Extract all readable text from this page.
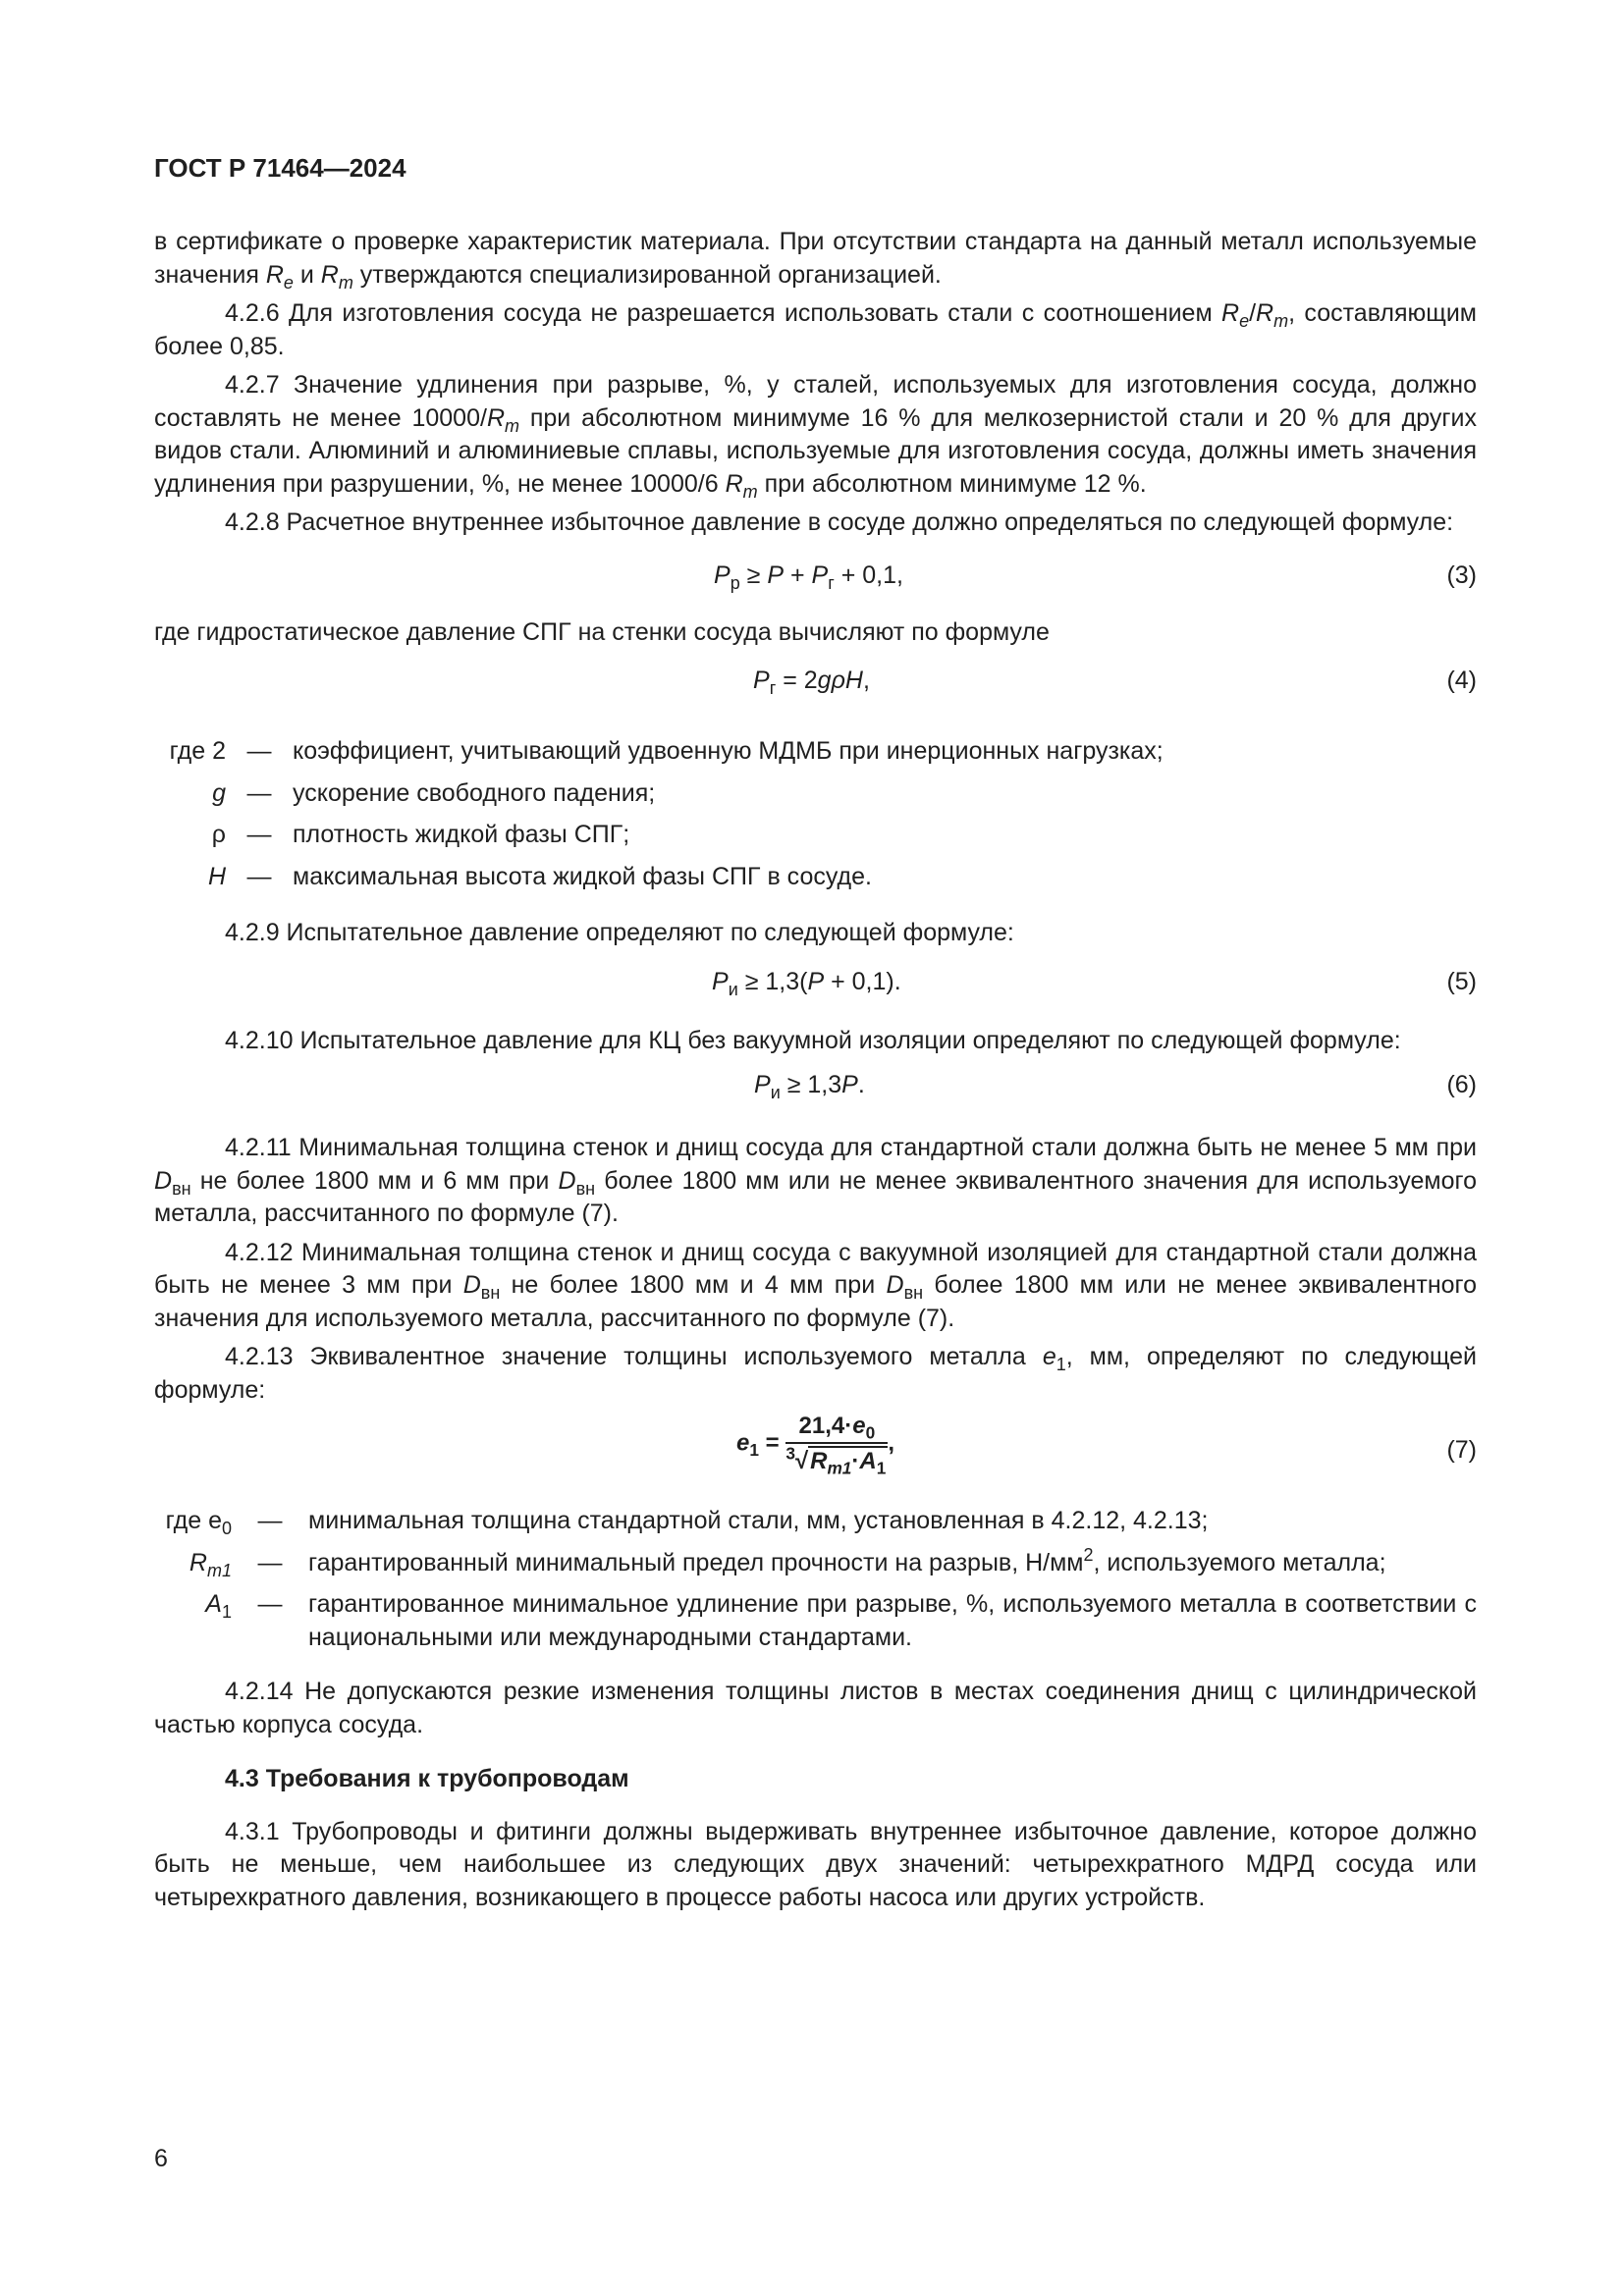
ГОСТ Р 71464—2024

в сертификате о проверке характеристик материала. При отсутствии стандарта на данный металл используемые значения $R_e$ и $R_m$ утверждаются специализированной организацией.

4.2.6 Для изготовления сосуда не разрешается использовать стали с соотношением $R_e/R_m$, составляющим более 0,85.

4.2.7 Значение удлинения при разрыве, %, у сталей, используемых для изготовления сосуда, должно составлять не менее $10000/R_m$ при абсолютном минимуме 16 % для мелкозернистой стали и 20 % для других видов стали. Алюминий и алюминиевые сплавы, используемые для изготовления сосуда, должны иметь значения удлинения при разрушении, %, не менее 10000/6 $R_m$ при абсолютном минимуме 12 %.

4.2.8 Расчетное внутреннее избыточное давление в сосуде должно определяться по следующей формуле:

$P_р \ge P + P_г + 0,1$,	(3)

где гидростатическое давление СПГ на стенки сосуда вычисляют по формуле

$P_г = 2g\rho H$,	(4)
где 2 — коэффициент, учитывающий удвоенную МДМБ при инерционных нагрузках;
g — ускорение свободного падения;
ρ — плотность жидкой фазы СПГ;
H — максимальная высота жидкой фазы СПГ в сосуде.

4.2.9 Испытательное давление определяют по следующей формуле:

$P_и \ge 1,3(P + 0,1)$.	(5)

4.2.10 Испытательное давление для КЦ без вакуумной изоляции определяют по следующей формуле:

$P_и \ge 1,3P$.	(6)

4.2.11 Минимальная толщина стенок и днищ сосуда для стандартной стали должна быть не менее 5 мм при $D_{вн}$ не более 1800 мм и 6 мм при $D_{вн}$ более 1800 мм или не менее эквивалентного значения для используемого металла, рассчитанного по формуле (7).

4.2.12 Минимальная толщина стенок и днищ сосуда с вакуумной изоляцией для стандартной стали должна быть не менее 3 мм при $D_{вн}$ не более 1800 мм и 4 мм при $D_{вн}$ более 1800 мм или не менее эквивалентного значения для используемого металла, рассчитанного по формуле (7).

4.2.13 Эквивалентное значение толщины используемого металла $e_1$, мм, определяют по следующей формуле:

$e_1 = \frac{21,4\cdot e_0}{^3√R_{m1}\cdot A_1}$ ,	(7)
где $e_0$	—	минимальная толщина стандартной стали, мм, установленная в 4.2.12, 4.2.13;
$R_{m1}$	—	гарантированный минимальный предел прочности на разрыв, $Н/мм^2$, используемого металла;
$A_1$	—	гарантированное минимальное удлинение при разрыве, %, используемого металла в соответствии с национальными или международными стандартами.

4.2.14 Не допускаются резкие изменения толщины листов в местах соединения днищ с цилиндрической частью корпуса сосуда.

4.3 Требования к трубопроводам

4.3.1 Трубопроводы и фитинги должны выдерживать внутреннее избыточное давление, которое должно быть не меньше, чем наибольшее из следующих двух значений: четырехкратного МДРД сосуда или четырехкратного давления, возникающего в процессе работы насоса или других устройств.

6
